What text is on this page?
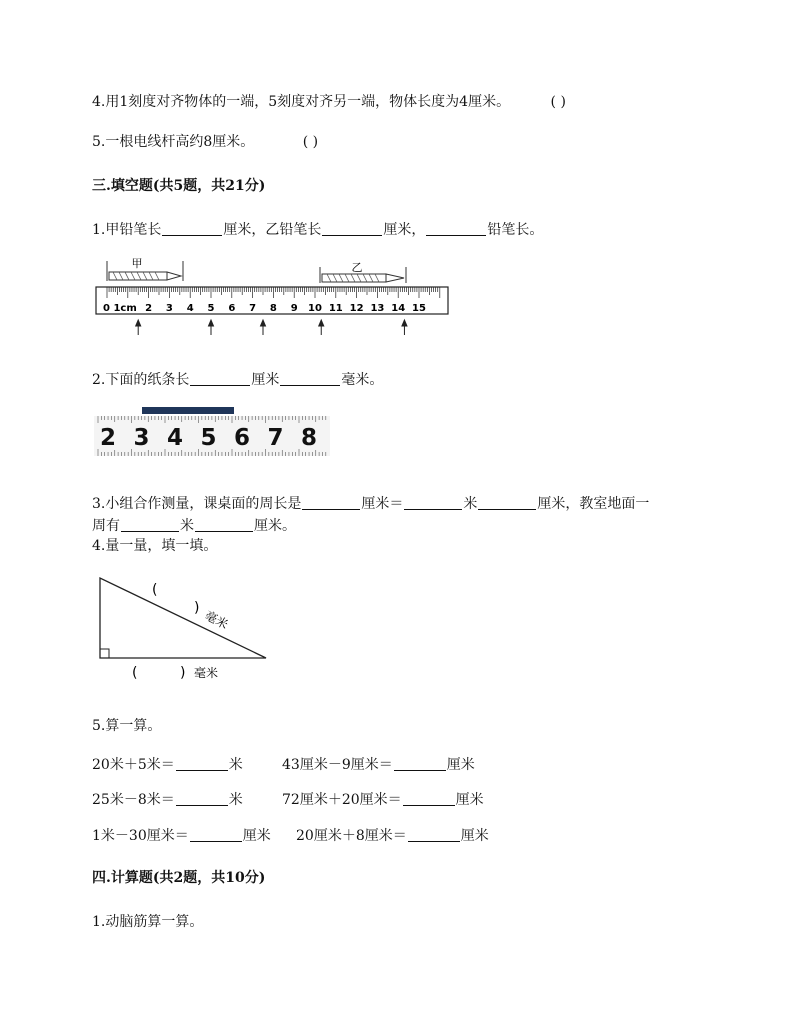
4.用1刻度对齐物体的一端，5刻度对齐另一端，物体长度为4厘米。	( )
5.一根电线杆高约8厘米。	( )
三.填空题(共5题，共21分)
1.甲铅笔长	厘米，乙铅笔长	厘米，	铅笔长。
甲	乙
0 1cm 2 3 4 5 6 7 8 9 10 11 12 13 14 15
2.下面的纸条长	厘米	毫米。
2 3 4 5 6 7 8
3.小组合作测量，课桌面的周长是	厘米＝	米	厘米，教室地面一
周有	米	厘米。
4.量一量，填一填。
(
)
毫米
(	) 毫米
5.算一算。
20米＋5米＝	米	43厘米－9厘米＝	厘米
25米－8米＝	米	72厘米＋20厘米＝	厘米
1米－30厘米＝	厘米 20厘米＋8厘米＝	厘米
四.计算题(共2题，共10分)
1.动脑筋算一算。
